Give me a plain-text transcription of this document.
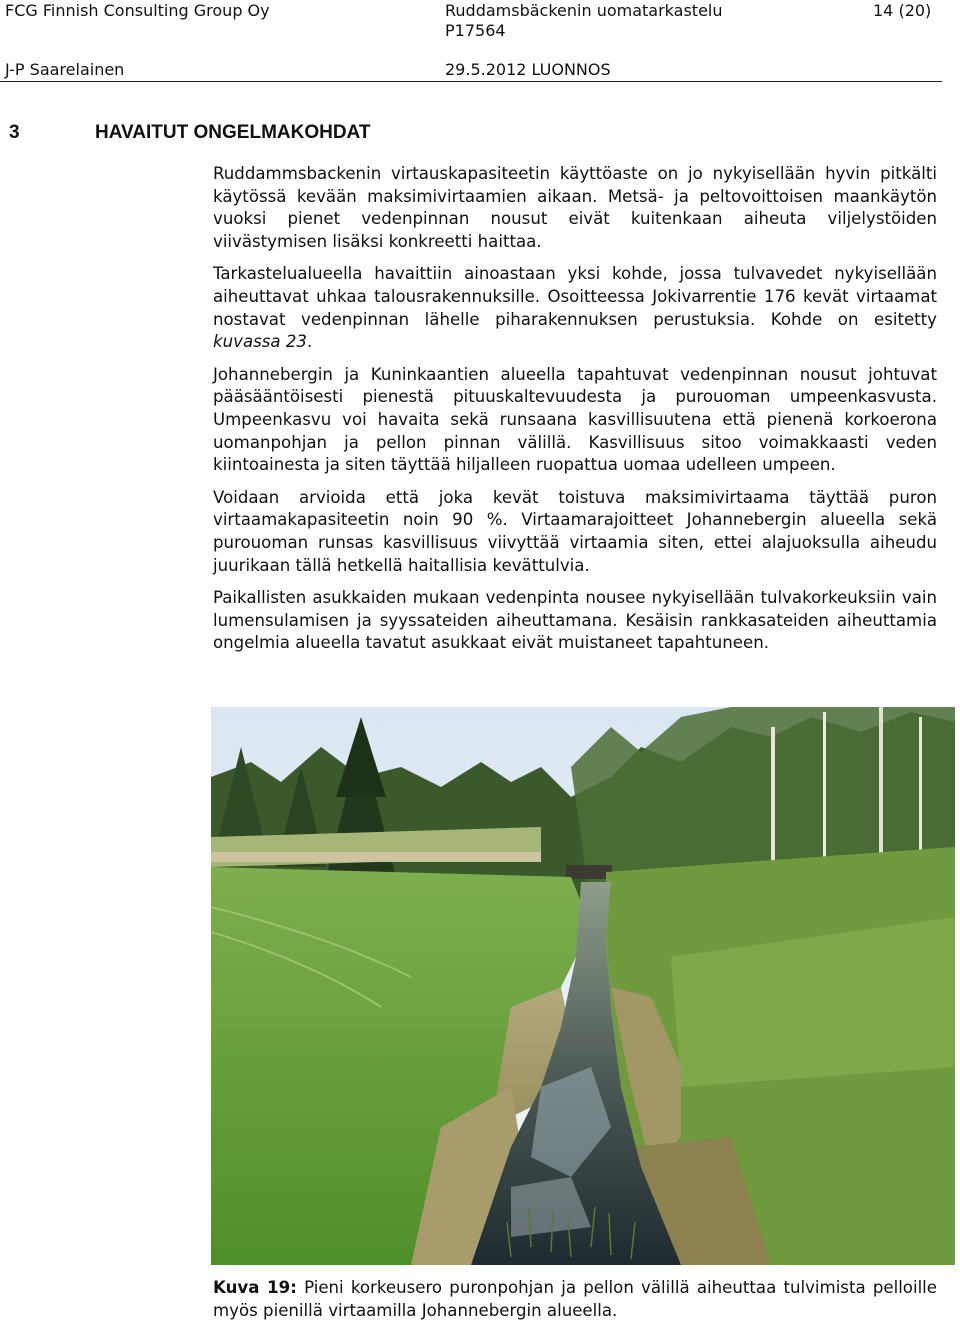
FCG Finnish Consulting Group Oy	Ruddamsbäckenin uomatarkastelu
P17564
14 (20)
J-P Saarelainen	29.5.2012 LUONNOS
3	HAVAITUT ONGELMAKOHDAT

Ruddammsbackenin virtauskapasiteetin käyttöaste on jo nykyisellään hyvin pitkälti käytössä kevään maksimivirtaamien aikaan. Metsä- ja peltovoittoisen maankäytön vuoksi pienet vedenpinnan nousut eivät kuitenkaan aiheuta viljelystöiden viivästymisen lisäksi konkreetti haittaa.

Tarkastelualueella havaittiin ainoastaan yksi kohde, jossa tulvavedet nykyisellään aiheuttavat uhkaa talousrakennuksille. Osoitteessa Jokivarrentie 176 kevät virtaamat nostavat vedenpinnan lähelle piharakennuksen perustuksia. Kohde on esitetty kuvassa 23.

Johannebergin ja Kuninkaantien alueella tapahtuvat vedenpinnan nousut johtuvat pääsääntöisesti pienestä pituuskaltevuudesta ja purouoman umpeenkasvusta. Umpeenkasvu voi havaita sekä runsaana kasvillisuutena että pienenä korkoerona uomanpohjan ja pellon pinnan välillä. Kasvillisuus sitoo voimakkaasti veden kiintoainesta ja siten täyttää hiljalleen ruopattua uomaa udelleen umpeen.

Voidaan arvioida että joka kevät toistuva maksimivirtaama täyttää puron virtaamakapasiteetin noin 90 %. Virtaamarajoitteet Johannebergin alueella sekä purouoman runsas kasvillisuus viivyttää virtaamia siten, ettei alajuoksulla aiheudu juurikaan tällä hetkellä haitallisia kevättulvia.

Paikallisten asukkaiden mukaan vedenpinta nousee nykyisellään tulvakorkeuksiin vain lumensulamisen ja syyssateiden aiheuttamana. Kesäisin rankkasateiden aiheuttamia ongelmia alueella tavatut asukkaat eivät muistaneet tapahtuneen.

Kuva 19: Pieni korkeusero puronpohjan ja pellon välillä aiheuttaa tulvimista pelloille myös pienillä virtaamilla Johannebergin alueella.
